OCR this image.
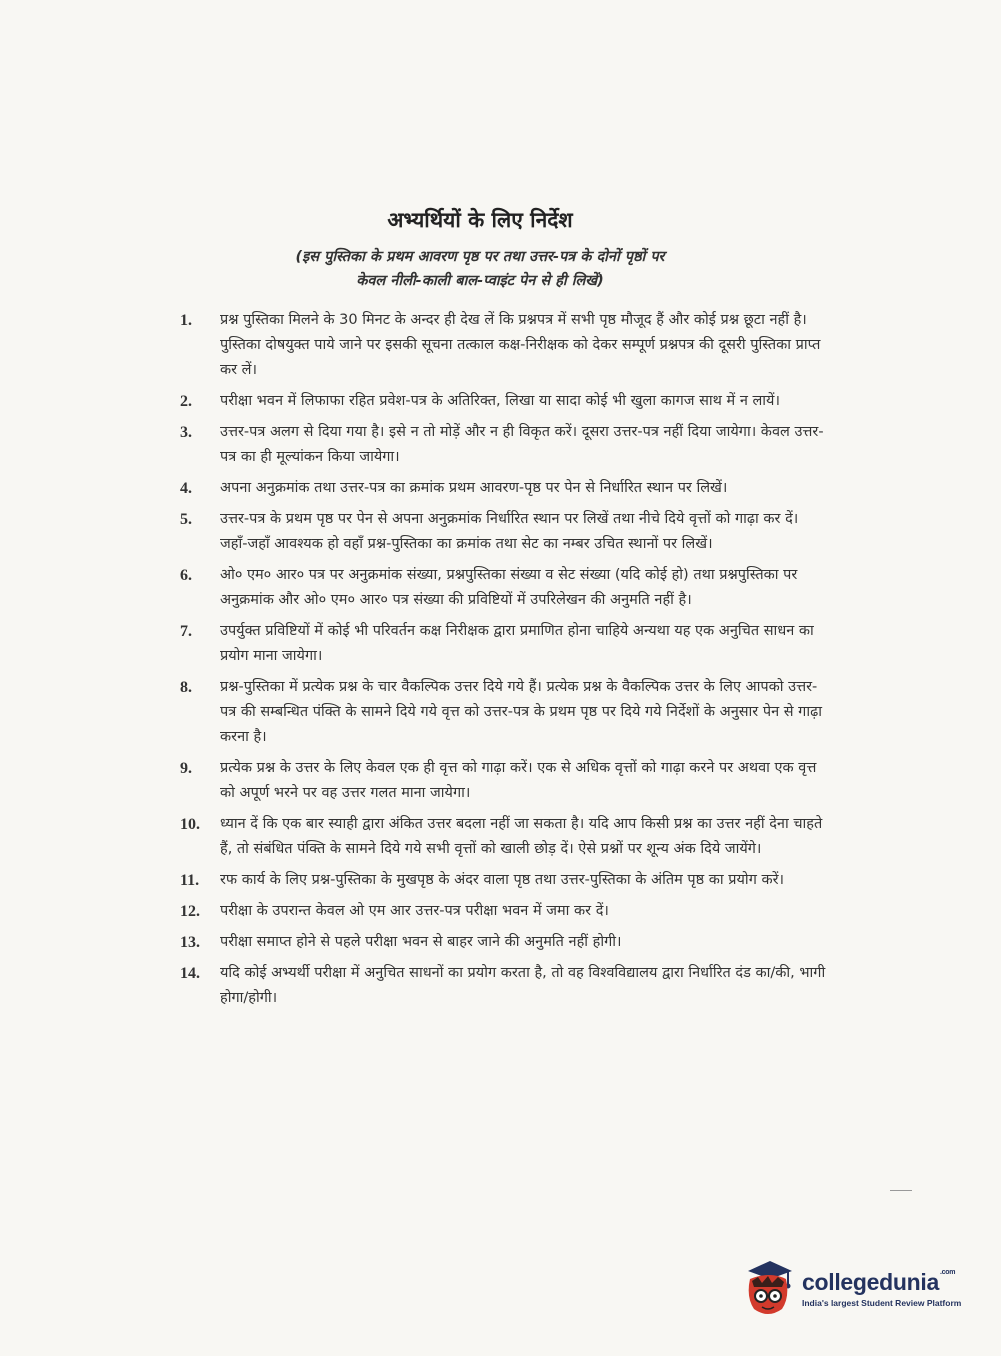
अभ्यर्थियों के लिए निर्देश
(इस पुस्तिका के प्रथम आवरण पृष्ठ पर तथा उत्तर-पत्र के दोनों पृष्ठों पर
केवल नीली-काली बाल-प्वाइंट पेन से ही लिखें)
1.	प्रश्न पुस्तिका मिलने के 30 मिनट के अन्दर ही देख लें कि प्रश्नपत्र में सभी पृष्ठ मौजूद हैं और कोई प्रश्न छूटा नहीं है। पुस्तिका दोषयुक्त पाये जाने पर इसकी सूचना तत्काल कक्ष-निरीक्षक को देकर सम्पूर्ण प्रश्नपत्र की दूसरी पुस्तिका प्राप्त कर लें।
2.	परीक्षा भवन में लिफाफा रहित प्रवेश-पत्र के अतिरिक्त, लिखा या सादा कोई भी खुला कागज साथ में न लायें।
3.	उत्तर-पत्र अलग से दिया गया है। इसे न तो मोड़ें और न ही विकृत करें। दूसरा उत्तर-पत्र नहीं दिया जायेगा। केवल उत्तर-पत्र का ही मूल्यांकन किया जायेगा।
4.	अपना अनुक्रमांक तथा उत्तर-पत्र का क्रमांक प्रथम आवरण-पृष्ठ पर पेन से निर्धारित स्थान पर लिखें।
5.	उत्तर-पत्र के प्रथम पृष्ठ पर पेन से अपना अनुक्रमांक निर्धारित स्थान पर लिखें तथा नीचे दिये वृत्तों को गाढ़ा कर दें। जहाँ-जहाँ आवश्यक हो वहाँ प्रश्न-पुस्तिका का क्रमांक तथा सेट का नम्बर उचित स्थानों पर लिखें।
6.	ओ० एम० आर० पत्र पर अनुक्रमांक संख्या, प्रश्नपुस्तिका संख्या व सेट संख्या (यदि कोई हो) तथा प्रश्नपुस्तिका पर अनुक्रमांक और ओ० एम० आर० पत्र संख्या की प्रविष्टियों में उपरिलेखन की अनुमति नहीं है।
7.	उपर्युक्त प्रविष्टियों में कोई भी परिवर्तन कक्ष निरीक्षक द्वारा प्रमाणित होना चाहिये अन्यथा यह एक अनुचित साधन का प्रयोग माना जायेगा।
8.	प्रश्न-पुस्तिका में प्रत्येक प्रश्न के चार वैकल्पिक उत्तर दिये गये हैं। प्रत्येक प्रश्न के वैकल्पिक उत्तर के लिए आपको उत्तर-पत्र की सम्बन्धित पंक्ति के सामने दिये गये वृत्त को उत्तर-पत्र के प्रथम पृष्ठ पर दिये गये निर्देशों के अनुसार पेन से गाढ़ा करना है।
9.	प्रत्येक प्रश्न के उत्तर के लिए केवल एक ही वृत्त को गाढ़ा करें। एक से अधिक वृत्तों को गाढ़ा करने पर अथवा एक वृत्त को अपूर्ण भरने पर वह उत्तर गलत माना जायेगा।
10.	ध्यान दें कि एक बार स्याही द्वारा अंकित उत्तर बदला नहीं जा सकता है। यदि आप किसी प्रश्न का उत्तर नहीं देना चाहते हैं, तो संबंधित पंक्ति के सामने दिये गये सभी वृत्तों को खाली छोड़ दें। ऐसे प्रश्नों पर शून्य अंक दिये जायेंगे।
11.	रफ कार्य के लिए प्रश्न-पुस्तिका के मुखपृष्ठ के अंदर वाला पृष्ठ तथा उत्तर-पुस्तिका के अंतिम पृष्ठ का प्रयोग करें।
12.	परीक्षा के उपरान्त केवल ओ एम आर उत्तर-पत्र परीक्षा भवन में जमा कर दें।
13.	परीक्षा समाप्त होने से पहले परीक्षा भवन से बाहर जाने की अनुमति नहीं होगी।
14.	यदि कोई अभ्यर्थी परीक्षा में अनुचित साधनों का प्रयोग करता है, तो वह विश्वविद्यालय द्वारा निर्धारित दंड का/की, भागी होगा/होगी।
collegedunia$^{.com}$
India's largest Student Review Platform
